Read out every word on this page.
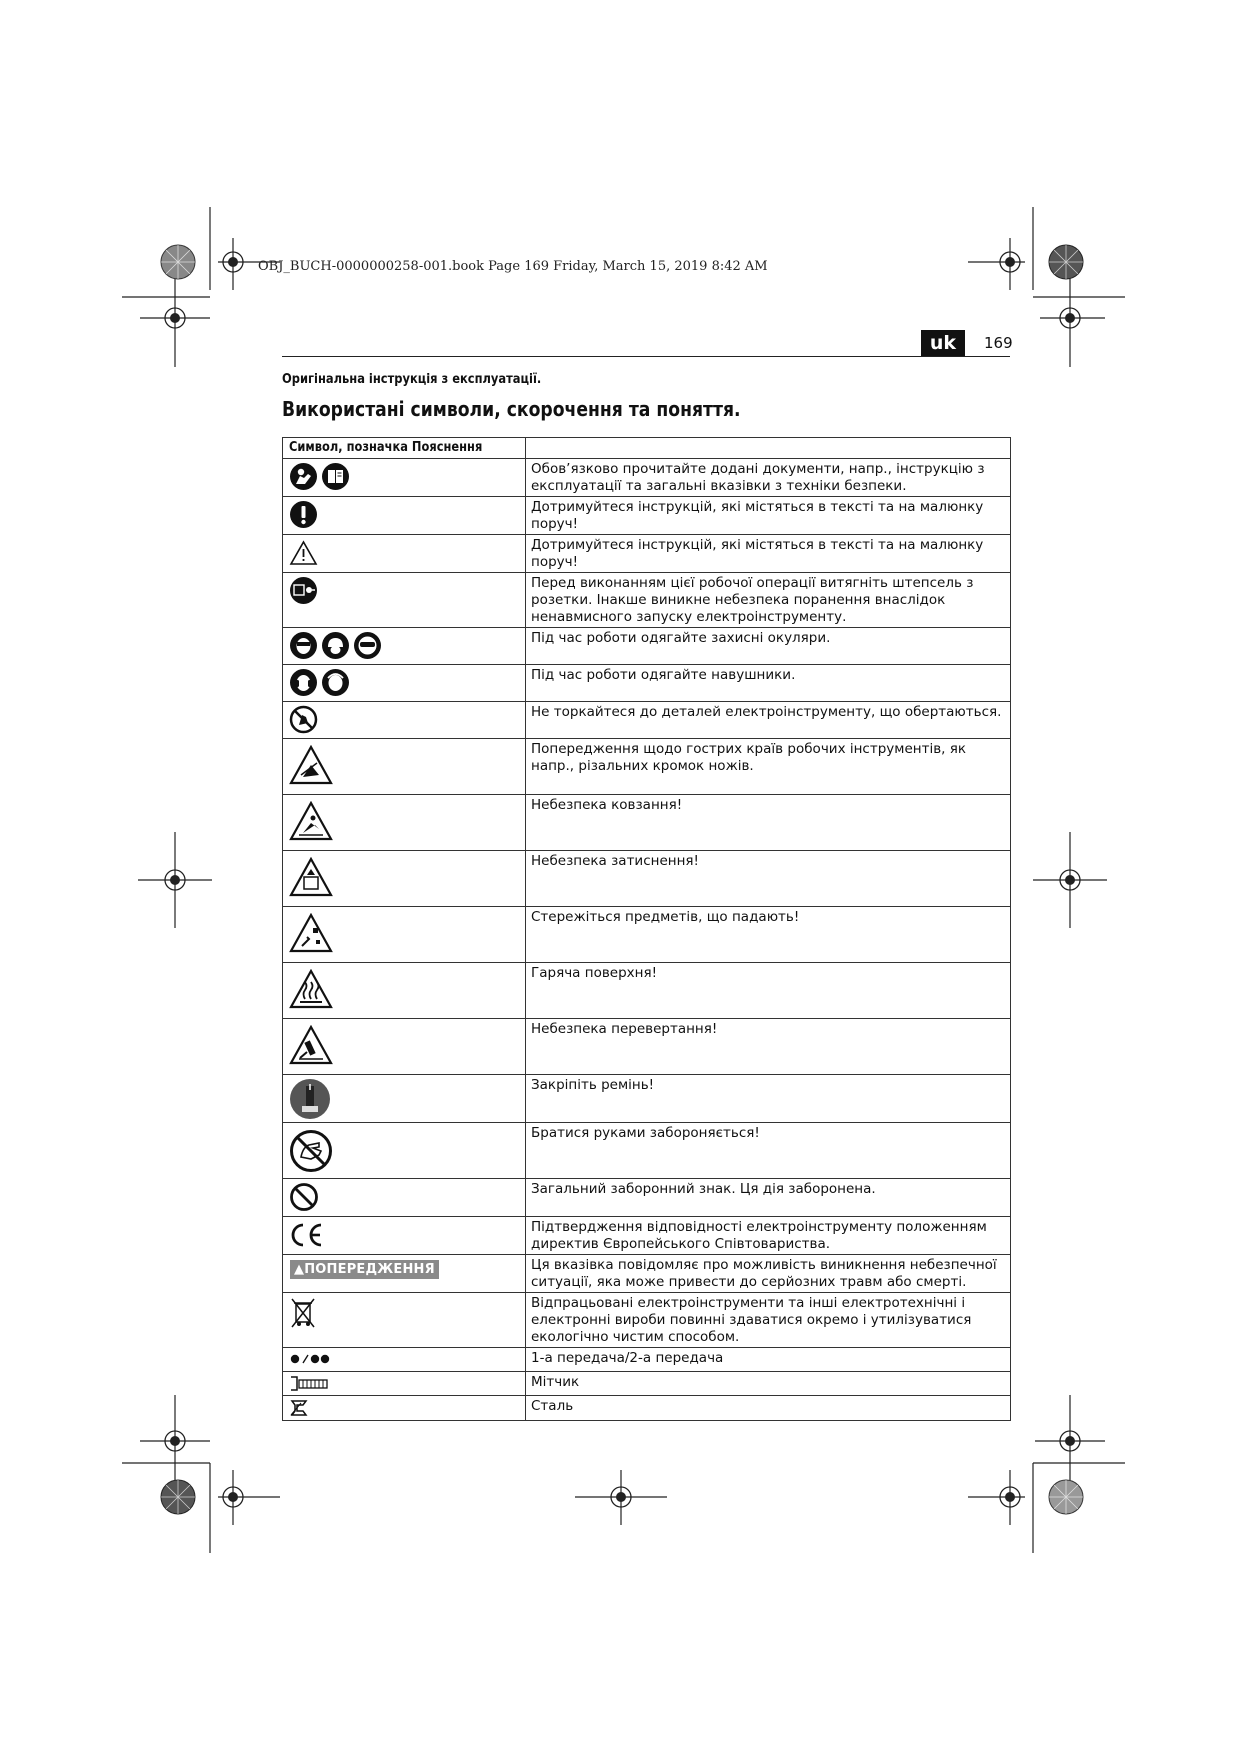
OBJ_BUCH-0000000258-001.book Page 169 Friday, March 15, 2019 8:42 AM
uk	169
Оригінальна інструкція з експлуатації.
Використані символи, скорочення та поняття.
Символ, позначка Пояснення	

	Обов’язково прочитайте додані документи, напр., інструкцію з експлуатації та загальні вказівки з техніки безпеки.

	Дотримуйтеся інструкцій, які містяться в тексті та на малюнку поруч!

	Дотримуйтеся інструкцій, які містяться в тексті та на малюнку поруч!

	Перед виконанням цієї робочої операції витягніть штепсель з розетки. Інакше виникне небезпека поранення внаслідок ненавмисного запуску електроінструменту.

	Під час роботи одягайте захисні окуляри.

	Під час роботи одягайте навушники.

	Не торкайтеся до деталей електроінструменту, що обертаються.

	Попередження щодо гострих країв робочих інструментів, як напр., різальних кромок ножів.

	Небезпека ковзання!

	Небезпека затиснення!

	Стережіться предметів, що падають!

	Гаряча поверхня!

	Небезпека перевертання!

	Закріпіть ремінь!

	Братися руками забороняється!

	Загальний заборонний знак. Ця дія заборонена.

	Підтвердження відповідності електроінструменту положенням директив Європейського Співтовариства.
▲ПОПЕРЕДЖЕННЯ	Ця вказівка повідомляє про можливість виникнення небезпечної ситуації, яка може привести до серйозних травм або смерті.

	Відпрацьовані електроінструменти та інші електротехнічні і електронні вироби повинні здаватися окремо і утилізуватися екологічно чистим способом.

	1-а передача/2-а передача

	Мітчик

	Сталь
